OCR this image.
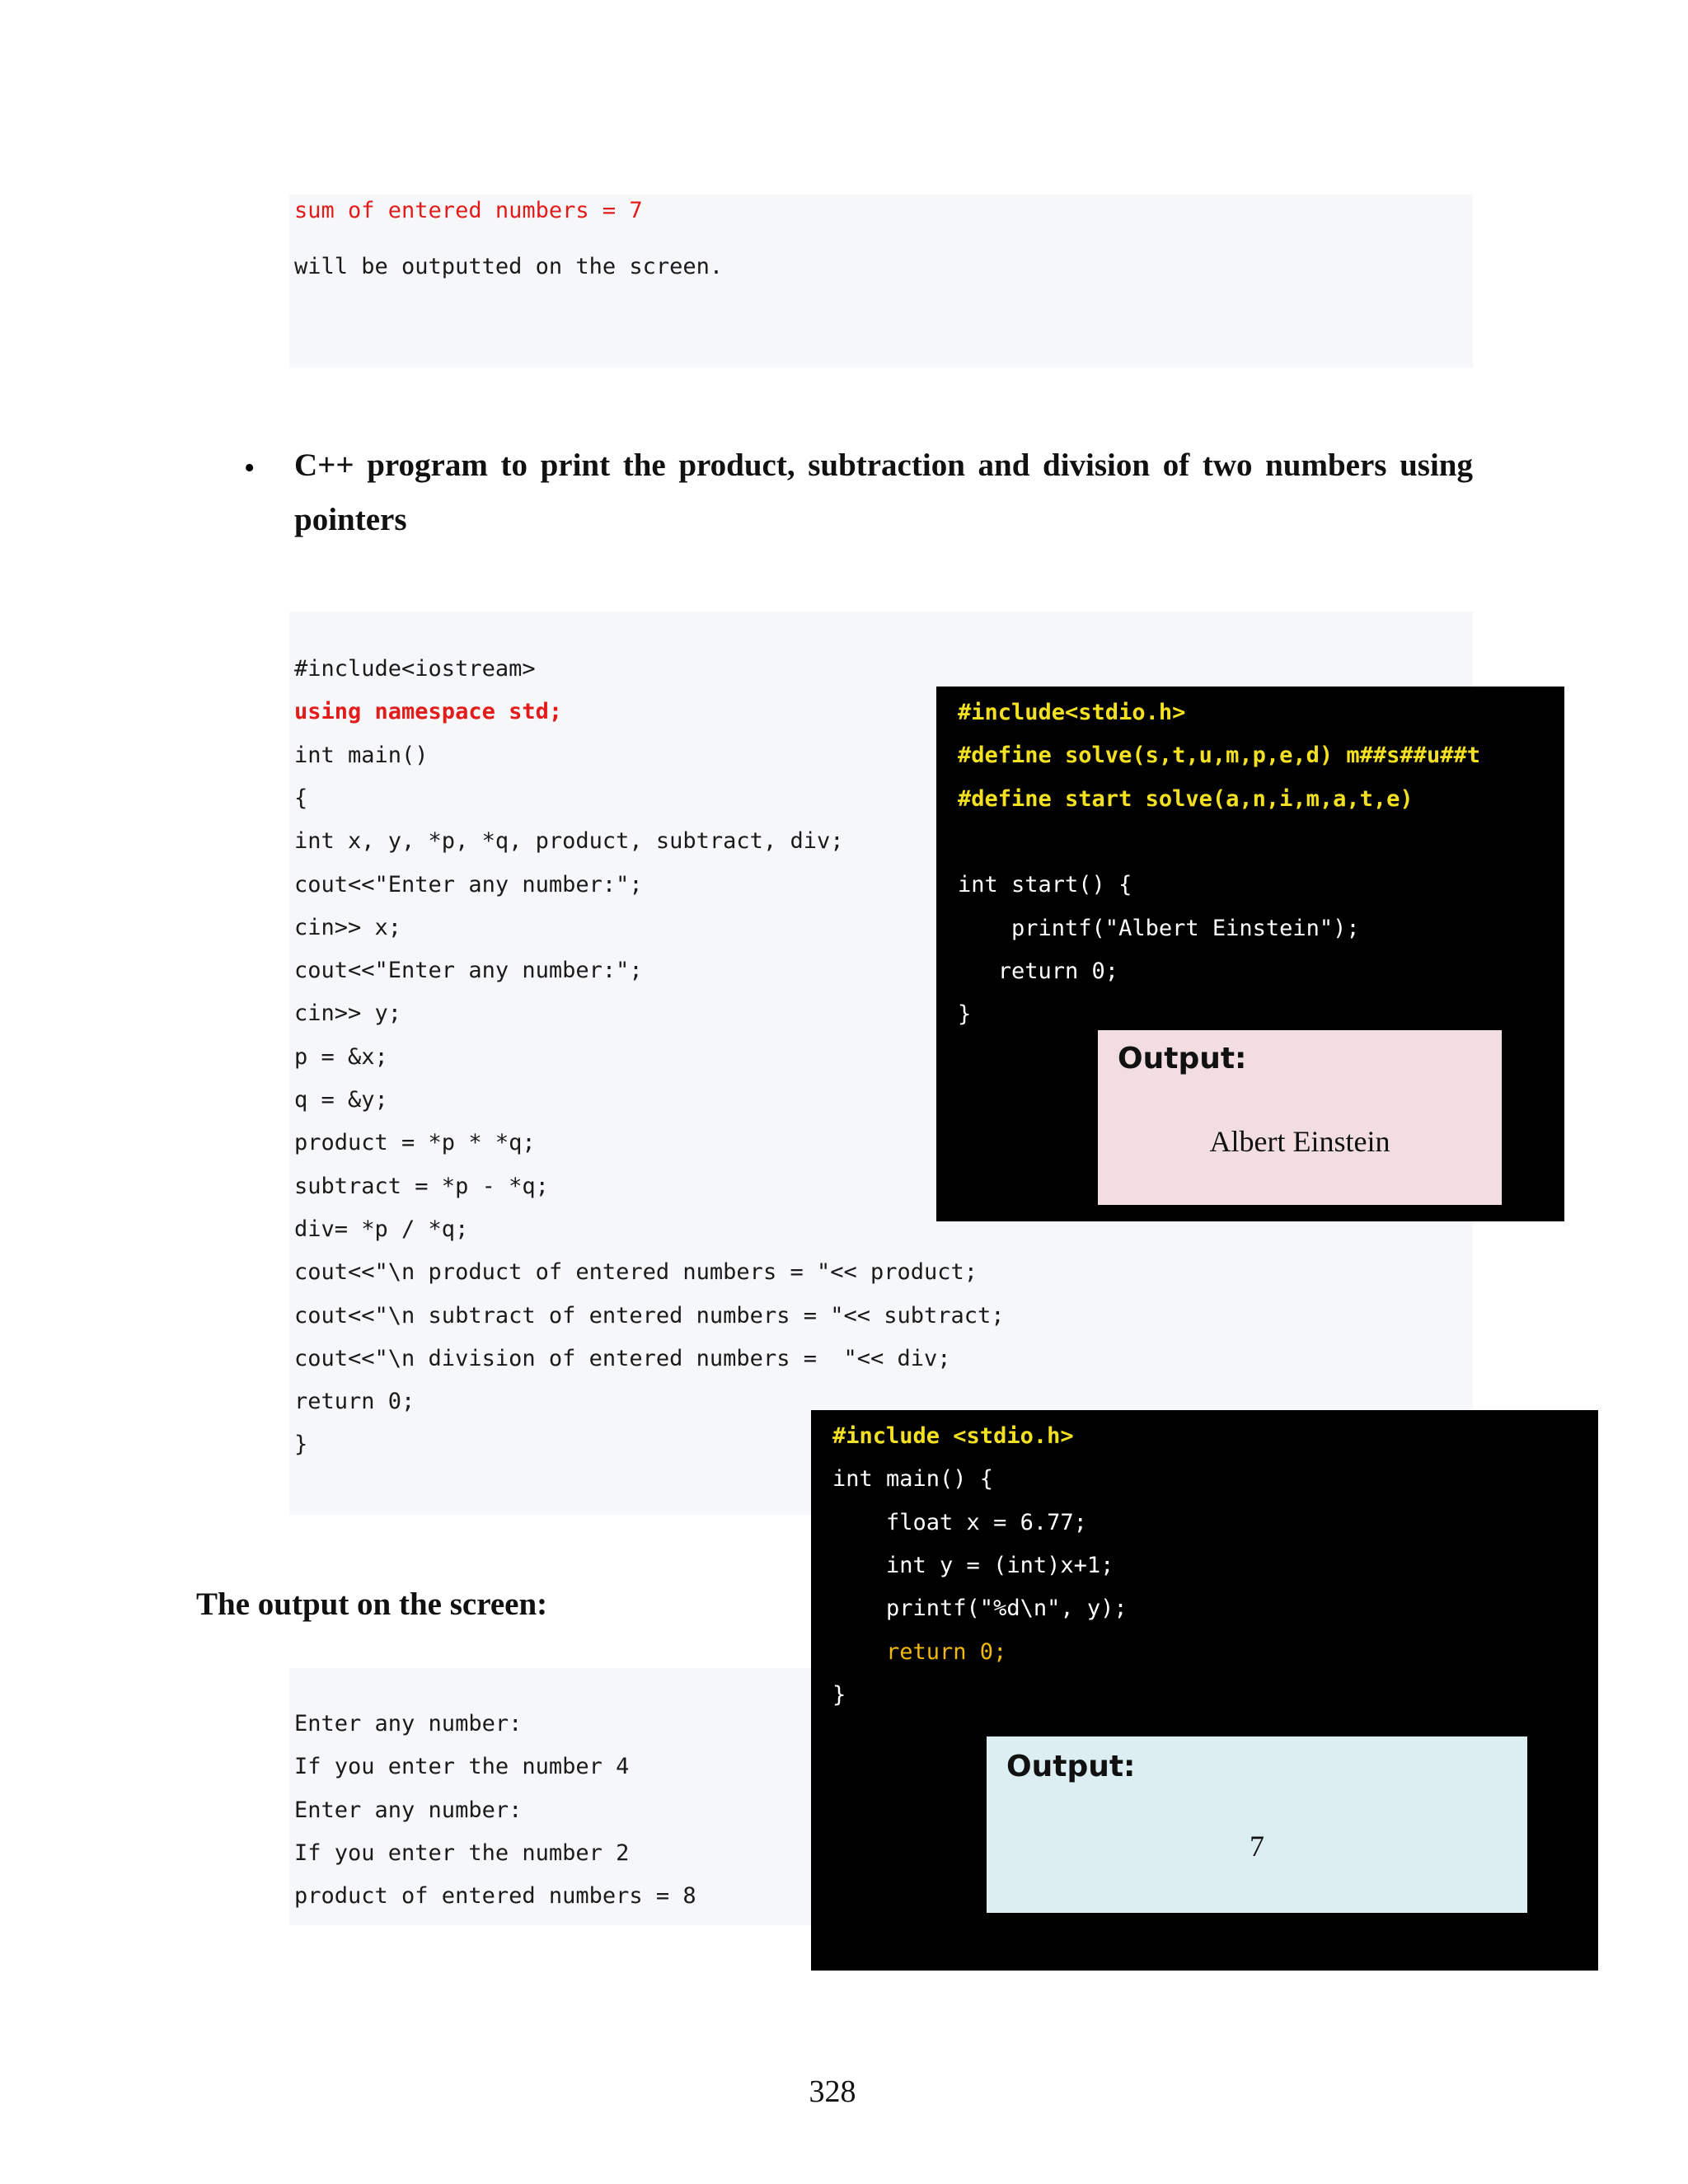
sum of entered numbers = 7
will be outputted on the screen.
• C++ program to print the product, subtraction and division of two numbers using
pointers
#include<iostream>
using namespace std;
int main()
{
int x, y, *p, *q, product, subtract, div;
cout<<"Enter any number:";
cin>> x;
cout<<"Enter any number:";
cin>> y;
p = &x;
q = &y;
product = *p * *q;
subtract = *p - *q;
div= *p / *q;
cout<<"\n product of entered numbers = "<< product;
cout<<"\n subtract of entered numbers = "<< subtract;
cout<<"\n division of entered numbers =  "<< div;
return 0;
}
The output on the screen:
Enter any number:
If you enter the number 4
Enter any number:
If you enter the number 2
product of entered numbers = 8
#include<stdio.h>
#define solve(s,t,u,m,p,e,d) m##s##u##t
#define start solve(a,n,i,m,a,t,e)
int start() {
printf("Albert Einstein");
return 0;
}
Output:
Albert Einstein
#include <stdio.h>
int main() {
float x = 6.77;
int y = (int)x+1;
printf("%d\n", y);
return 0;
}
Output:
7
328
